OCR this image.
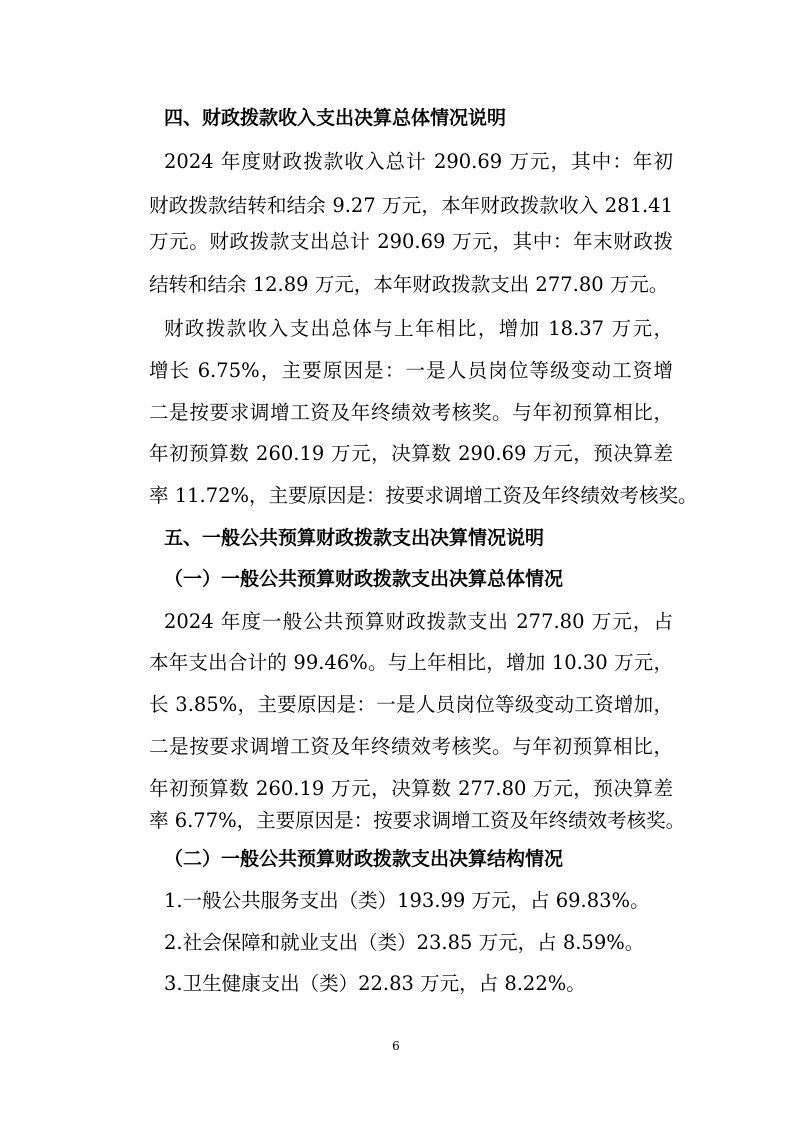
四、财政拨款收入支出决算总体情况说明
2024 年度财政拨款收入总计 290.69 万元，其中：年初
财政拨款结转和结余 9.27 万元，本年财政拨款收入 281.41
万元。财政拨款支出总计 290.69 万元，其中：年末财政拨
结转和结余 12.89 万元，本年财政拨款支出 277.80 万元。
财政拨款收入支出总体与上年相比，增加 18.37 万元，
增长 6.75%，主要原因是：一是人员岗位等级变动工资增
二是按要求调增工资及年终绩效考核奖。与年初预算相比，
年初预算数 260.19 万元，决算数 290.69 万元，预决算差
率 11.72%，主要原因是：按要求调增工资及年终绩效考核奖。
五、一般公共预算财政拨款支出决算情况说明
（一）一般公共预算财政拨款支出决算总体情况
2024 年度一般公共预算财政拨款支出 277.80 万元，占
本年支出合计的 99.46%。与上年相比，增加 10.30 万元，
长 3.85%，主要原因是：一是人员岗位等级变动工资增加，
二是按要求调增工资及年终绩效考核奖。与年初预算相比，
年初预算数 260.19 万元，决算数 277.80 万元，预决算差
率 6.77%，主要原因是：按要求调增工资及年终绩效考核奖。
（二）一般公共预算财政拨款支出决算结构情况
1.一般公共服务支出（类）193.99 万元，占 69.83%。
2.社会保障和就业支出（类）23.85 万元，占 8.59%。
3.卫生健康支出（类）22.83 万元，占 8.22%。
6
